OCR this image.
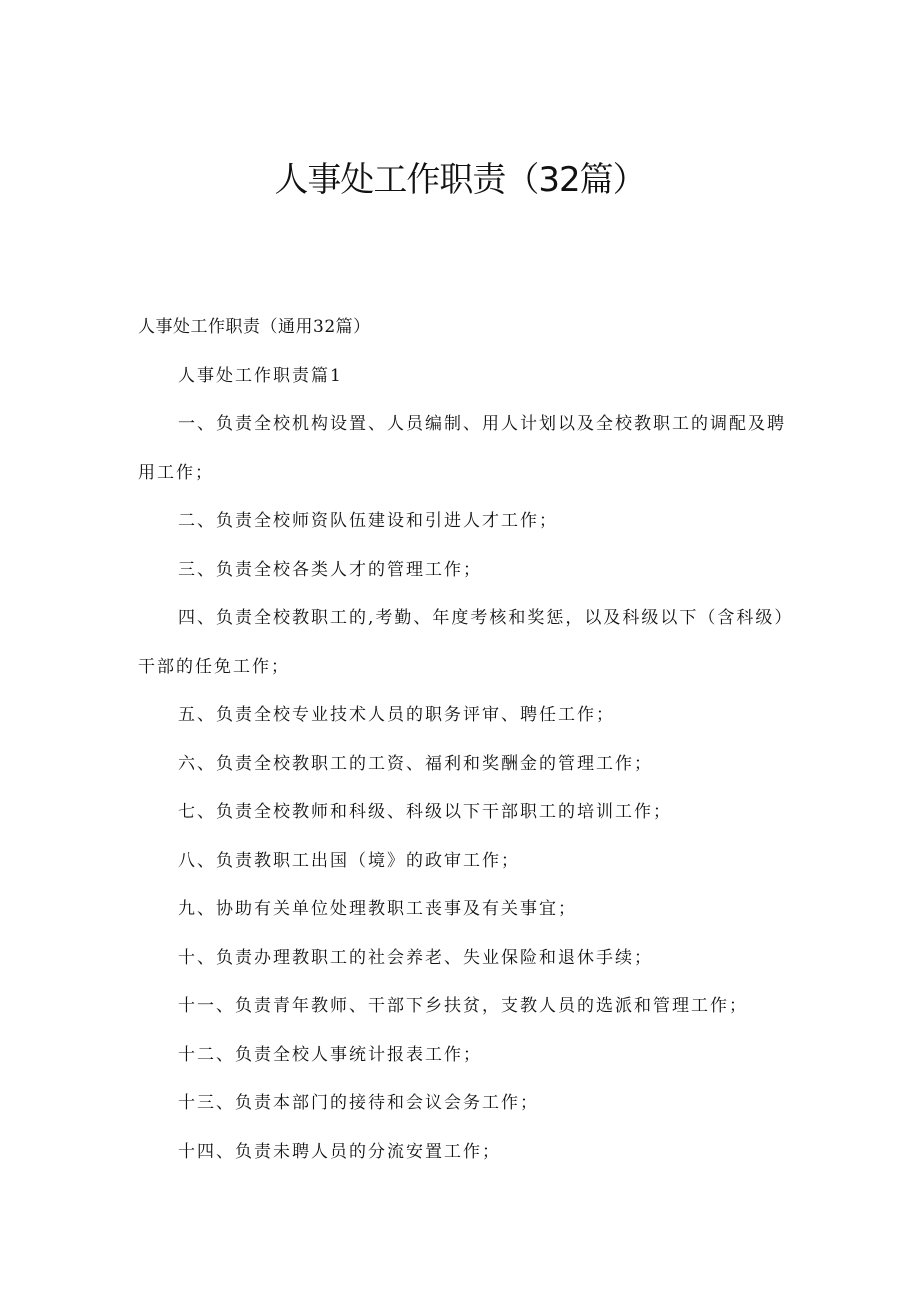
人事处工作职责（32篇）

人事处工作职责（通用32篇）

人事处工作职责篇1

一、负责全校机构设置、人员编制、用人计划以及全校教职工的调配及聘用工作；

二、负责全校师资队伍建设和引进人才工作；

三、负责全校各类人才的管理工作；

四、负责全校教职工的,考勤、年度考核和奖惩，以及科级以下（含科级）干部的任免工作；

五、负责全校专业技术人员的职务评审、聘任工作；

六、负责全校教职工的工资、福利和奖酬金的管理工作；

七、负责全校教师和科级、科级以下干部职工的培训工作；

八、负责教职工出国（境》的政审工作；

九、协助有关单位处理教职工丧事及有关事宜；

十、负责办理教职工的社会养老、失业保险和退休手续；

十一、负责青年教师、干部下乡扶贫，支教人员的选派和管理工作；

十二、负责全校人事统计报表工作；

十三、负责本部门的接待和会议会务工作；

十四、负责未聘人员的分流安置工作；
